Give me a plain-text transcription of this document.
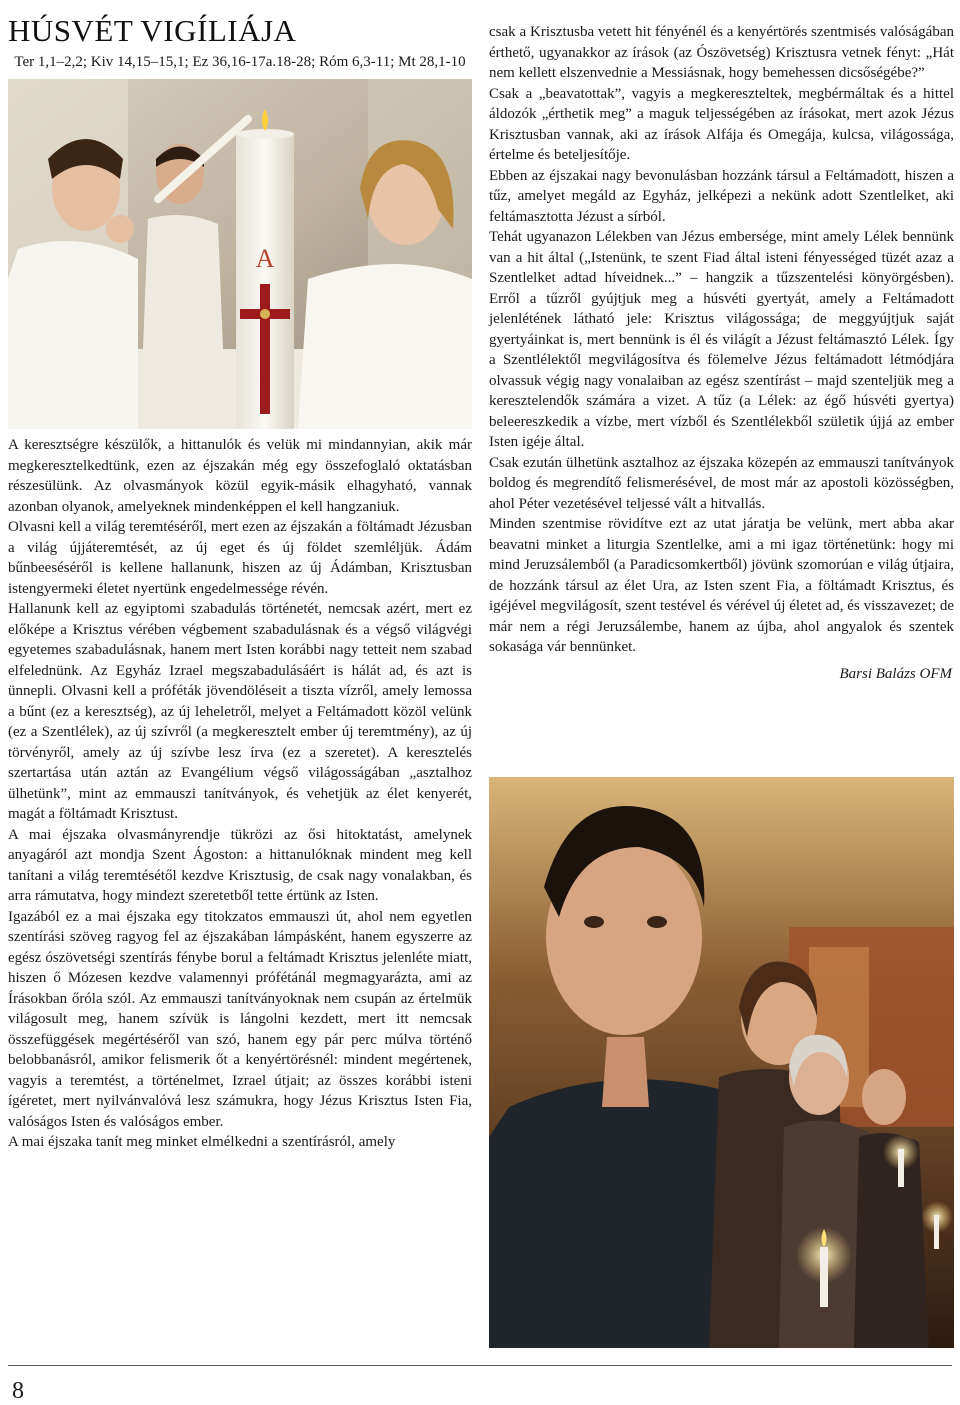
HÚSVÉT VIGÍLIÁJA
Ter 1,1–2,2; Kiv 14,15–15,1; Ez 36,16-17a.18-28; Róm 6,3-11; Mt 28,1-10
A

A keresztségre készülők, a hittanulók és velük mi mindannyian, akik már megkeresztelkedtünk, ezen az éjszakán még egy összefoglaló oktatásban részesülünk. Az olvasmányok közül egyik-másik elhagyható, vannak azonban olyanok, amelyeknek mindenképpen el kell hangzaniuk.

Olvasni kell a világ teremtéséről, mert ezen az éjszakán a föltámadt Jézusban a világ újjáteremtését, az új eget és új földet szemléljük. Ádám bűnbeeséséről is kellene hallanunk, hiszen az új Ádámban, Krisztusban istengyermeki életet nyertünk engedelmessége révén.

Hallanunk kell az egyiptomi szabadulás történetét, nemcsak azért, mert ez előképe a Krisztus vérében végbement szabadulásnak és a végső világvégi egyetemes szabadulásnak, hanem mert Isten korábbi nagy tetteit nem szabad elfelednünk. Az Egyház Izrael megszabadulásáért is hálát ad, és azt is ünnepli. Olvasni kell a próféták jövendöléseit a tiszta vízről, amely lemossa a bűnt (ez a keresztség), az új leheletről, melyet a Feltámadott közöl velünk (ez a Szentlélek), az új szívről (a megkeresztelt ember új teremtmény), az új törvényről, amely az új szívbe lesz írva (ez a szeretet). A keresztelés szertartása után aztán az Evangélium végső világosságában „asztalhoz ülhetünk”, mint az emmauszi tanítványok, és vehetjük az élet kenyerét, magát a föltámadt Krisztust.

A mai éjszaka olvasmányrendje tükrözi az ősi hitoktatást, amelynek anyagáról azt mondja Szent Ágoston: a hittanulóknak mindent meg kell tanítani a világ teremtésétől kezdve Krisztusig, de csak nagy vonalakban, és arra rámutatva, hogy mindezt szeretetből tette értünk az Isten.

Igazából ez a mai éjszaka egy titokzatos emmauszi út, ahol nem egyetlen szentírási szöveg ragyog fel az éjszakában lámpásként, hanem egyszerre az egész ószövetségi szentírás fénybe borul a feltámadt Krisztus jelenléte miatt, hiszen ő Mózesen kezdve valamennyi prófétánál megmagyarázta, ami az Írásokban őróla szól. Az emmauszi tanítványoknak nem csupán az értelmük világosult meg, hanem szívük is lángolni kezdett, mert itt nemcsak összefüggések megértéséről van szó, hanem egy pár perc múlva történő belobbanásról, amikor felismerik őt a kenyértörésnél: mindent megértenek, vagyis a teremtést, a történelmet, Izrael útjait; az összes korábbi isteni ígéretet, mert nyilvánvalóvá lesz számukra, hogy Jézus Krisztus Isten Fia, valóságos Isten és valóságos ember.

A mai éjszaka tanít meg minket elmélkedni a szentírásról, amely

csak a Krisztusba vetett hit fényénél és a kenyértörés szentmisés valóságában érthető, ugyanakkor az írások (az Ószövetség) Krisztusra vetnek fényt: „Hát nem kellett elszenvednie a Messiásnak, hogy bemehessen dicsőségébe?”

Csak a „beavatottak”, vagyis a megkereszteltek, megbérmáltak és a hittel áldozók „érthetik meg” a maguk teljességében az írásokat, mert azok Jézus Krisztusban vannak, aki az írások Alfája és Omegája, kulcsa, világossága, értelme és beteljesítője.

Ebben az éjszakai nagy bevonulásban hozzánk társul a Feltámadott, hiszen a tűz, amelyet megáld az Egyház, jelképezi a nekünk adott Szentlelket, aki feltámasztotta Jézust a sírból.

Tehát ugyanazon Lélekben van Jézus embersége, mint amely Lélek bennünk van a hit által („Istenünk, te szent Fiad által isteni fényességed tüzét azaz a Szentlelket adtad híveidnek...” – hangzik a tűzszentelési könyörgésben). Erről a tűzről gyújtjuk meg a húsvéti gyertyát, amely a Feltámadott jelenlétének látható jele: Krisztus világossága; de meggyújtjuk saját gyertyáinkat is, mert bennünk is él és világít a Jézust feltámasztó Lélek. Így a Szentlélektől megvilágosítva és fölemelve Jézus feltámadott létmódjára olvassuk végig nagy vonalaiban az egész szentírást – majd szenteljük meg a keresztelendők számára a vizet. A tűz (a Lélek: az égő húsvéti gyertya) beleereszkedik a vízbe, mert vízből és Szentlélekből születik újjá az ember Isten igéje által.

Csak ezután ülhetünk asztalhoz az éjszaka közepén az emmauszi tanítványok boldog és megrendítő felismerésével, de most már az apostoli közösségben, ahol Péter vezetésével teljessé vált a hitvallás.

Minden szentmise rövidítve ezt az utat járatja be velünk, mert abba akar beavatni minket a liturgia Szentlelke, ami a mi igaz történetünk: hogy mi mind Jeruzsálemből (a Paradicsomkertből) jövünk szomorúan e világ útjaira, de hozzánk társul az élet Ura, az Isten szent Fia, a föltámadt Krisztus, és igéjével megvilágosít, szent testével és vérével új életet ad, és visszavezet; de már nem a régi Jeruzsálembe, hanem az újba, ahol angyalok és szentek sokasága vár bennünket.

Barsi Balázs OFM
8
